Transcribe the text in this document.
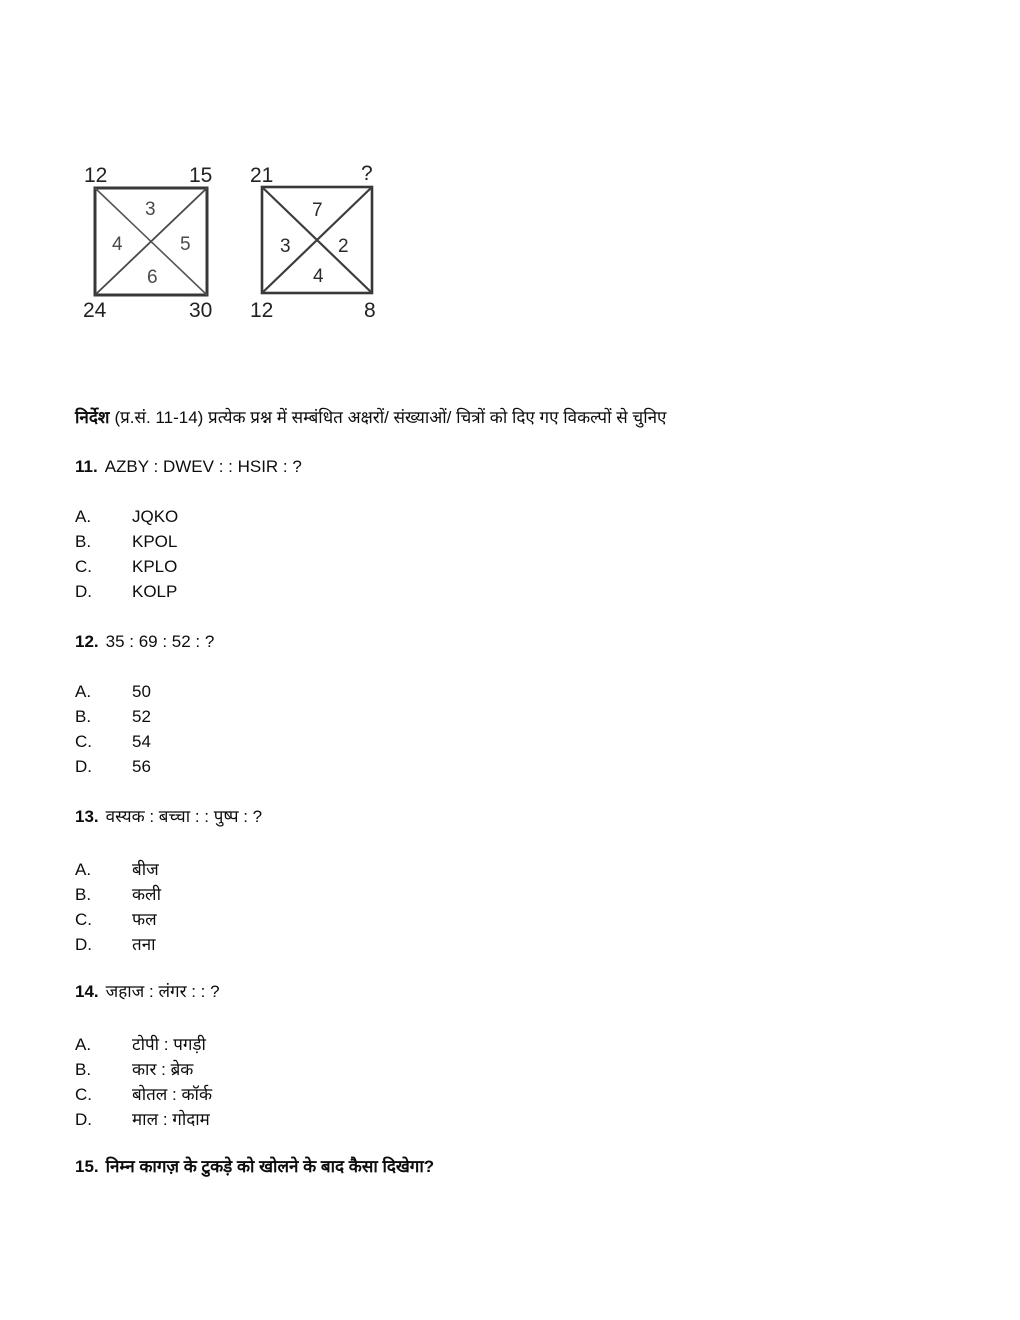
12	15
24	30
3
4	5
6
21	?
12	8
7
3 2
4
निर्देश (प्र.सं. 11-14) प्रत्येक प्रश्न में सम्बंधित अक्षरों/ संख्याओं/ चित्रों को दिए गए विकल्पों से चुनिए
11. AZBY : DWEV : : HSIR : ?
A.	JQKO
B.	KPOL
C.	KPLO
D.	KOLP
12. 35 : 69 : 52 : ?
A.	50
B.	52
C.	54
D.	56
13. वस्यक : बच्चा : : पुष्प : ?
A.	बीज
B.	कली
C.	फल
D.	तना
14. जहाज : लंगर : : ?
A.	टोपी : पगड़ी
B.	कार : ब्रेक
C.	बोतल : कॉर्क
D.	माल : गोदाम
15. निम्न कागज़ के टुकड़े को खोलने के बाद कैसा दिखेगा?
